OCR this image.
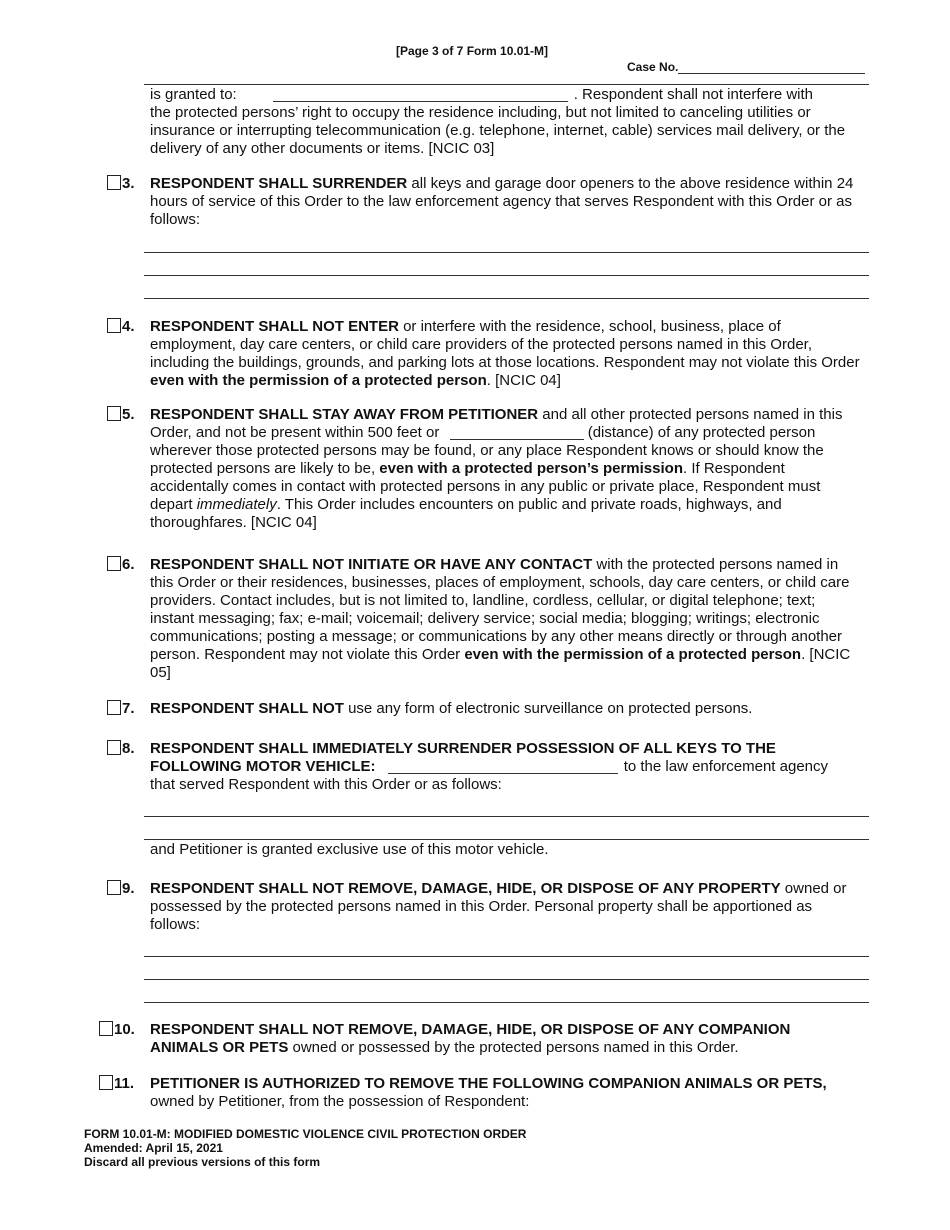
[Page 3 of 7 Form 10.01-M]
Case No.
is granted to:	. Respondent shall not interfere with
the protected persons’ right to occupy the residence including, but not limited to canceling utilities or insurance or interrupting telecommunication (e.g. telephone, internet, cable) services mail delivery, or the delivery of any other documents or items. [NCIC 03]
3. RESPONDENT SHALL SURRENDER all keys and garage door openers to the above residence within 24 hours of service of this Order to the law enforcement agency that serves Respondent with this Order or as follows:
4. RESPONDENT SHALL NOT ENTER or interfere with the residence, school, business, place of employment, day care centers, or child care providers of the protected persons named in this Order, including the buildings, grounds, and parking lots at those locations. Respondent may not violate this Order even with the permission of a protected person. [NCIC 04]
5. RESPONDENT SHALL STAY AWAY FROM PETITIONER and all other protected persons named in this Order, and not be present within 500 feet or	(distance) of any protected person wherever those protected persons may be found, or any place Respondent knows or should know the protected persons are likely to be, even with a protected person’s permission. If Respondent accidentally comes in contact with protected persons in any public or private place, Respondent must depart immediately. This Order includes encounters on public and private roads, highways, and thoroughfares. [NCIC 04]
6. RESPONDENT SHALL NOT INITIATE OR HAVE ANY CONTACT with the protected persons named in this Order or their residences, businesses, places of employment, schools, day care centers, or child care providers. Contact includes, but is not limited to, landline, cordless, cellular, or digital telephone; text; instant messaging; fax; e-mail; voicemail; delivery service; social media; blogging; writings; electronic communications; posting a message; or communications by any other means directly or through another person. Respondent may not violate this Order even with the permission of a protected person. [NCIC 05]
7. RESPONDENT SHALL NOT use any form of electronic surveillance on protected persons.
8. RESPONDENT SHALL IMMEDIATELY SURRENDER POSSESSION OF ALL KEYS TO THE FOLLOWING MOTOR VEHICLE:	to the law enforcement agency
that served Respondent with this Order or as follows:
and Petitioner is granted exclusive use of this motor vehicle.
9. RESPONDENT SHALL NOT REMOVE, DAMAGE, HIDE, OR DISPOSE OF ANY PROPERTY owned or possessed by the protected persons named in this Order. Personal property shall be apportioned as follows:
10. RESPONDENT SHALL NOT REMOVE, DAMAGE, HIDE, OR DISPOSE OF ANY COMPANION ANIMALS OR PETS owned or possessed by the protected persons named in this Order.
11. PETITIONER IS AUTHORIZED TO REMOVE THE FOLLOWING COMPANION ANIMALS OR PETS, owned by Petitioner, from the possession of Respondent:
FORM 10.01-M: MODIFIED DOMESTIC VIOLENCE CIVIL PROTECTION ORDER
Amended: April 15, 2021
Discard all previous versions of this form
